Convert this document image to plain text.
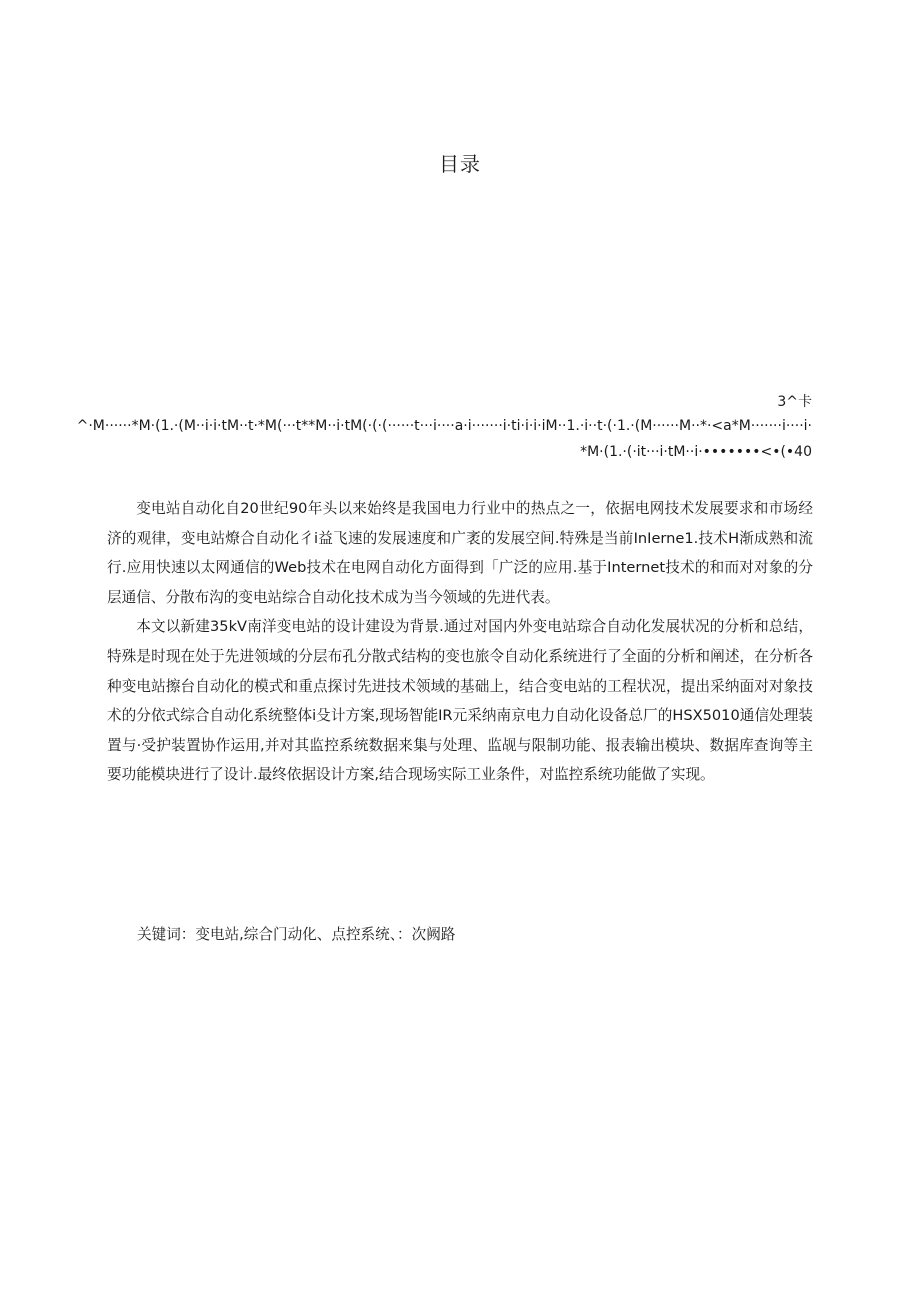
目录
3^卡
^·M······*M·(1.·(M··i·i·tM··t·*M(···t**M··i·tM(·(·(······t···i····a·i·······i·ti·i·i·iM··1.·i··t·(·1.·(M······M··*·<a*M·······i····i·
*M·(1.·(·it···i·tM··i·•••••••<•(•40

变电站自动化自20世纪90年头以来始终是我国电力行业中的热点之一，依据电网技术发展要求和市场经济的观律，变电站燎合自动化彳i益飞速的发展速度和广袤的发展空间.特殊是当前InIerne1.技术H渐成熟和流行.应用快速以太网通信的Web技术在电网自动化方面得到「广泛的应用.基于Internet技术的和而对对象的分层通信、分散布沟的变电站综合自动化技术成为当今领域的先进代表。

本文以新建35kV南洋变电站的设计建设为背景.通过对国内外变电站琮合自动化发展状况的分析和总结，特殊是时现在处于先进领域的分层布孔分散式结构的变也旅令自动化系统进行了全面的分析和阐述，在分析各种变电站擦台自动化的模式和重点探讨先进技术领域的基础上，结合变电站的工程状况，提出采纳面对对象技术的分依式综合自动化系统整体i殳计方案,现场智能IR元采纳南京电力自动化设备总厂的HSX5010通信处理装置与·受护装置协作运用,并对其监控系统数据来集与处理、监觇与限制功能、报表输出模块、数据库查询等主要功能模块进行了设计.最终依据设计方案,结合现场实际工业条件，对监控系统功能做了实现。

关键词：变电站,综合门动化、点控系统、：次阙路
